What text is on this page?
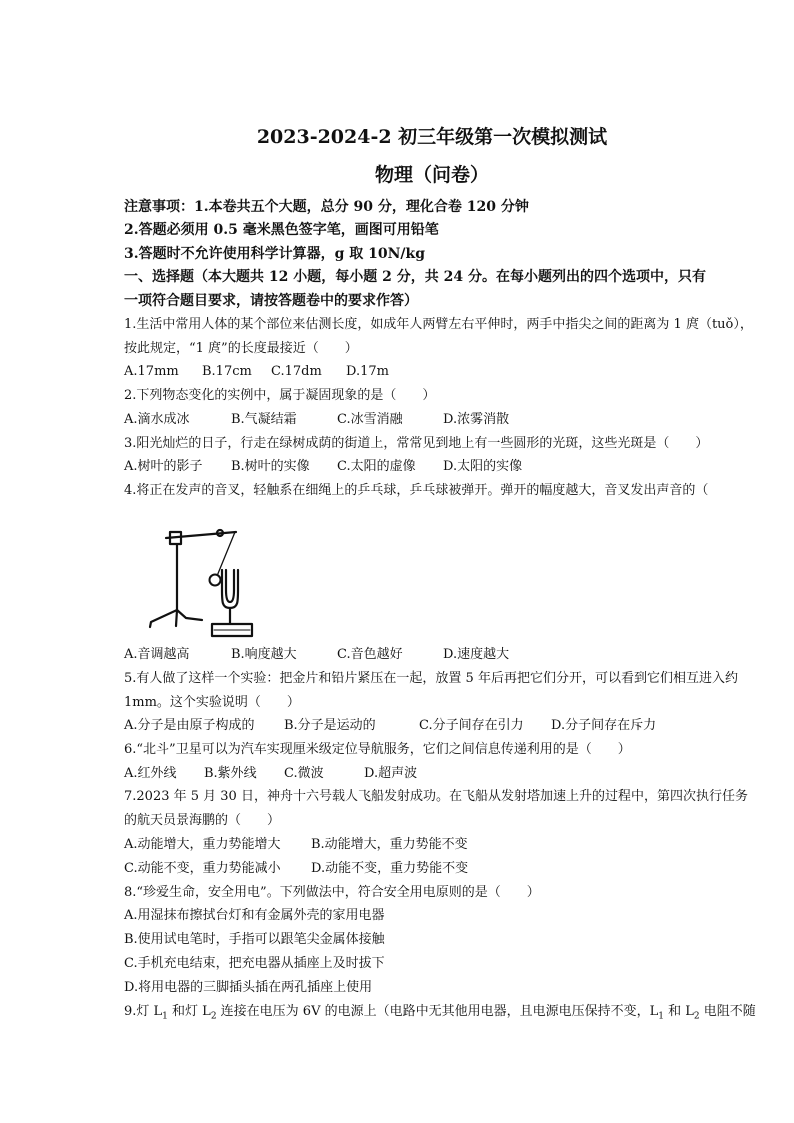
2023-2024-2 初三年级第一次模拟测试
物理（问卷）
注意事项：1.本卷共五个大题，总分 90 分，理化合卷 120 分钟
2.答题必须用 0.5 毫米黑色签字笔，画图可用铅笔
3.答题时不允许使用科学计算器，g 取 10N/kg
一、选择题（本大题共 12 小题，每小题 2 分，共 24 分。在每小题列出的四个选项中，只有
一项符合题目要求，请按答题卷中的要求作答）
1.生活中常用人体的某个部位来估测长度，如成年人两臂左右平伸时，两手中指尖之间的距离为 1 庹（tuǒ），
按此规定，“1 庹”的长度最接近（　　）
A.17mm B.17cm C.17dm D.17m
2.下列物态变化的实例中，属于凝固现象的是（　　）
A.滴水成冰	B.气凝结霜	C.冰雪消融	D.浓雾消散
3.阳光灿烂的日子，行走在绿树成荫的街道上，常常见到地上有一些圆形的光斑，这些光斑是（　　）
A.树叶的影子 B.树叶的实像 C.太阳的虚像 D.太阳的实像
4.将正在发声的音叉，轻触系在细绳上的乒乓球，乒乓球被弹开。弹开的幅度越大，音叉发出声音的（
A.音调越高	B.响度越大	C.音色越好	D.速度越大
5.有人做了这样一个实验：把金片和铅片紧压在一起，放置 5 年后再把它们分开，可以看到它们相互进入约
1mm。这个实验说明（　　）
A.分子是由原子构成的 B.分子是运动的	C.分子间存在引力 D.分子间存在斥力
6.“北斗”卫星可以为汽车实现厘米级定位导航服务，它们之间信息传递利用的是（　　）
A.红外线 B.紫外线 C.微波	D.超声波
7.2023 年 5 月 30 日，神舟十六号载人飞船发射成功。在飞船从发射塔加速上升的过程中，第四次执行任务
的航天员景海鹏的（　　）
A.动能增大，重力势能增大 B.动能增大，重力势能不变
C.动能不变，重力势能减小 D.动能不变，重力势能不变
8.“珍爱生命，安全用电”。下列做法中，符合安全用电原则的是（　　）
A.用湿抹布擦拭台灯和有金属外壳的家用电器
B.使用试电笔时，手指可以跟笔尖金属体接触
C.手机充电结束，把充电器从插座上及时拔下
D.将用电器的三脚插头插在两孔插座上使用
9.灯 $L_1$ 和灯 $L_2$ 连接在电压为 6V 的电源上（电路中无其他用电器，且电源电压保持不变，$L_1$ 和 $L_2$ 电阻不随
